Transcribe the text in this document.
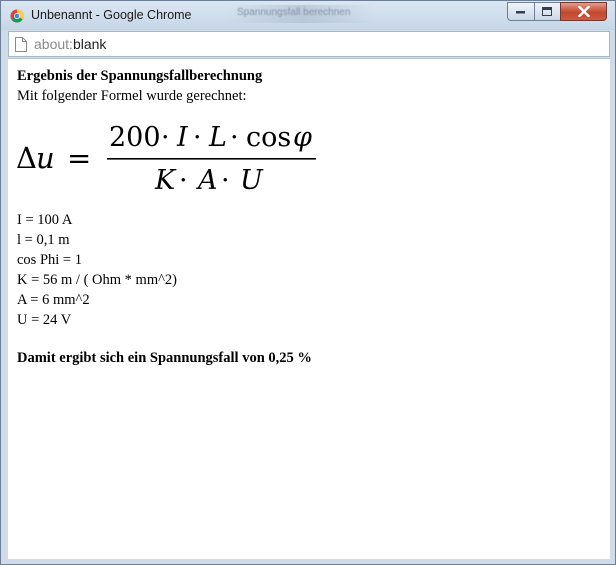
Unbenannt - Google Chrome	Spannungsfall berechnen
about:blank
Ergebnis der Spannungsfallberechnung
Mit folgender Formel wurde gerechnet:
Δ u =
200 · I · L · cos φ
K · A · U
I = 100 A
l = 0,1 m
cos Phi = 1
K = 56 m / ( Ohm * mm^2)
A = 6 mm^2
U = 24 V
Damit ergibt sich ein Spannungsfall von 0,25 %
